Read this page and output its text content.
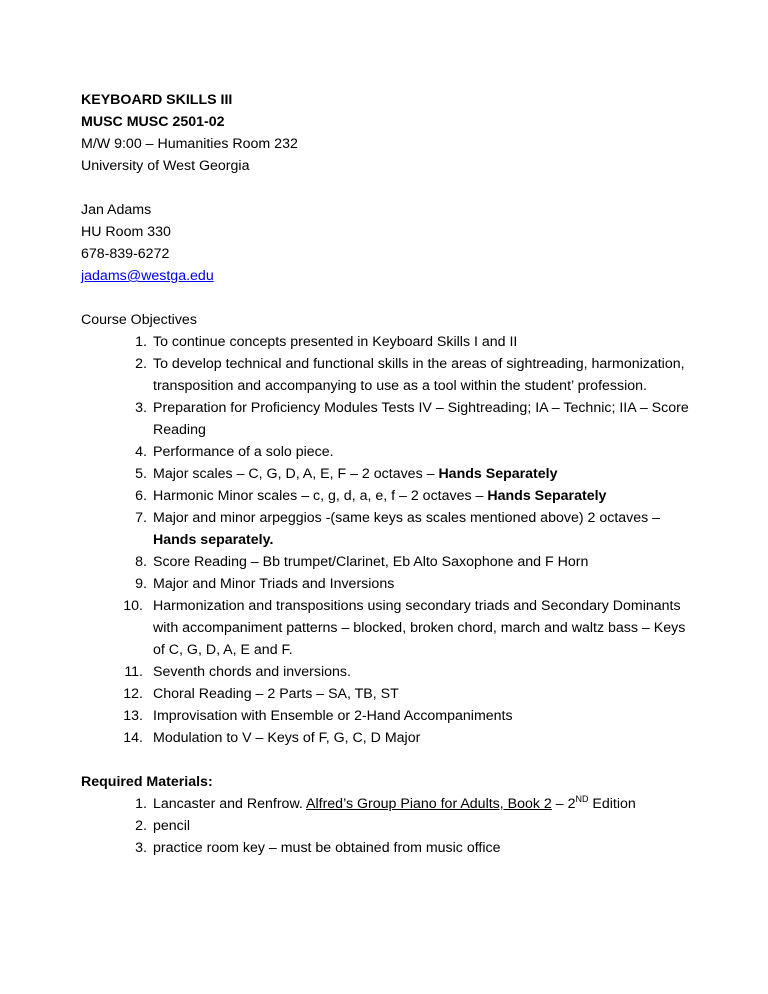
KEYBOARD SKILLS III
MUSC MUSC 2501-02
M/W 9:00 – Humanities Room 232
University of West Georgia
Jan Adams
HU Room 330
678-839-6272
jadams@westga.edu
Course Objectives
1. To continue concepts presented in Keyboard Skills I and II
2. To develop technical and functional skills in the areas of sightreading, harmonization, transposition and accompanying to use as a tool within the student’ profession.
3. Preparation for Proficiency Modules Tests IV – Sightreading; IA – Technic; IIA – Score Reading
4. Performance of a solo piece.
5. Major scales – C, G, D, A, E, F – 2 octaves – Hands Separately
6. Harmonic Minor scales – c, g, d, a, e, f – 2 octaves – Hands Separately
7. Major and minor arpeggios -(same keys as scales mentioned above) 2 octaves – Hands separately.
8. Score Reading – Bb trumpet/Clarinet, Eb Alto Saxophone and F Horn
9. Major and Minor Triads and Inversions
10. Harmonization and transpositions using secondary triads and Secondary Dominants with accompaniment patterns – blocked, broken chord, march and waltz bass – Keys of C, G, D, A, E and F.
11. Seventh chords and inversions.
12. Choral Reading – 2 Parts – SA, TB, ST
13. Improvisation with Ensemble or 2-Hand Accompaniments
14. Modulation to V – Keys of F, G, C, D Major
Required Materials:
1. Lancaster and Renfrow. Alfred’s Group Piano for Adults, Book 2 – 2ND Edition
2. pencil
3. practice room key – must be obtained from music office
